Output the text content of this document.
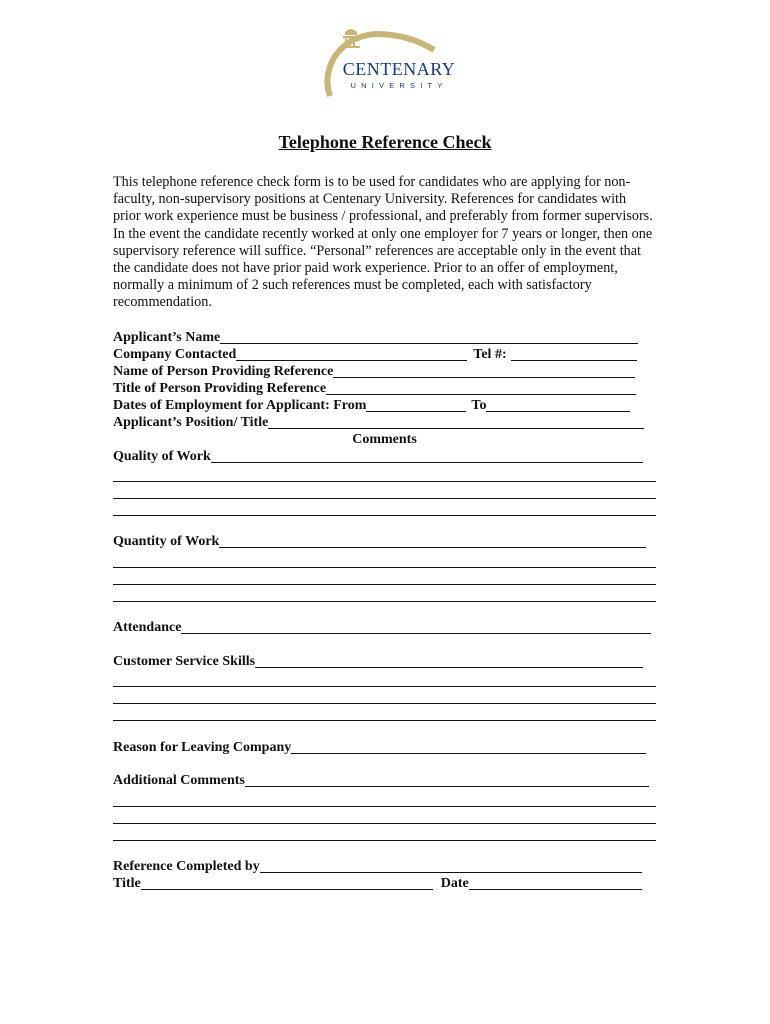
CENTENARY
UNIVERSITY
Telephone Reference Check

This telephone reference check form is to be used for candidates who are applying for non-faculty, non-supervisory positions at Centenary University. References for candidates with prior work experience must be business / professional, and preferably from former supervisors. In the event the candidate recently worked at only one employer for 7 years or longer, then one supervisory reference will suffice. “Personal” references are acceptable only in the event that the candidate does not have prior paid work experience. Prior to an offer of employment, normally a minimum of 2 such references must be completed, each with satisfactory recommendation.

Applicant’s Name
Company Contacted	Tel #:
Name of Person Providing Reference
Title of Person Providing Reference
Dates of Employment for Applicant: From	To
Applicant’s Position/ Title
Comments
Quality of Work
Quantity of Work
Attendance
Customer Service Skills
Reason for Leaving Company
Additional Comments
Reference Completed by
Title	Date
